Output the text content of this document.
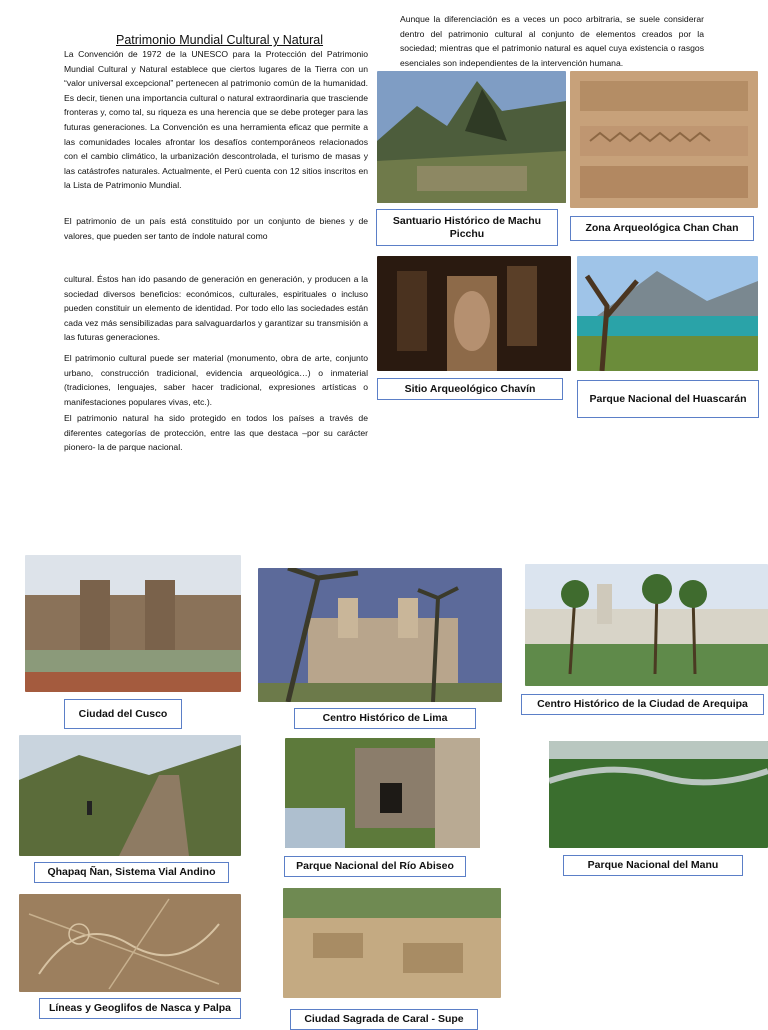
Patrimonio Mundial Cultural y Natural

Aunque la diferenciación es a veces un poco arbitraria, se suele considerar dentro del patrimonio cultural al conjunto de elementos creados por la sociedad; mientras que el patrimonio natural es aquel cuya existencia o rasgos esenciales son independientes de la intervención humana.

La Convención de 1972 de la UNESCO para la Protección del Patrimonio Mundial Cultural y Natural establece que ciertos lugares de la Tierra con un “valor universal excepcional” pertenecen al patrimonio común de la humanidad. Es decir, tienen una importancia cultural o natural extraordinaria que trasciende fronteras y, como tal, su riqueza es una herencia que se debe proteger para las futuras generaciones. La Convención es una herramienta eficaz que permite a las comunidades locales afrontar los desafíos contemporáneos relacionados con el cambio climático, la urbanización descontrolada, el turismo de masas y las catástrofes naturales. Actualmente, el Perú cuenta con 12 sitios inscritos en la Lista de Patrimonio Mundial.

El patrimonio de un país está constituido por un conjunto de bienes y de valores, que pueden ser tanto de índole natural como

cultural. Éstos han ido pasando de generación en generación, y producen a la sociedad diversos beneficios: económicos, culturales, espirituales o incluso pueden constituir un elemento de identidad. Por todo ello las sociedades están cada vez más sensibilizadas para salvaguardarlos y garantizar su transmisión a las futuras generaciones.

El patrimonio cultural puede ser material (monumento, obra de arte, conjunto urbano, construcción tradicional, evidencia arqueológica…) o inmaterial (tradiciones, lenguajes, saber hacer tradicional, expresiones artísticas o manifestaciones populares vivas, etc.).

El patrimonio natural ha sido protegido en todos los países a través de diferentes categorías de protección, entre las que destaca –por su carácter pionero- la de parque nacional.

Santuario Histórico de Machu Picchu	Zona Arqueológica Chan Chan
Sitio Arqueológico Chavín
Parque Nacional del Huascarán
Ciudad del Cusco	Centro Histórico de Lima
Centro Histórico de la Ciudad de Arequipa
Qhapaq Ñan, Sistema Vial Andino	Parque Nacional del Río Abiseo	Parque Nacional del Manu
Líneas y Geoglifos de Nasca y Palpa
Ciudad Sagrada de Caral - Supe
